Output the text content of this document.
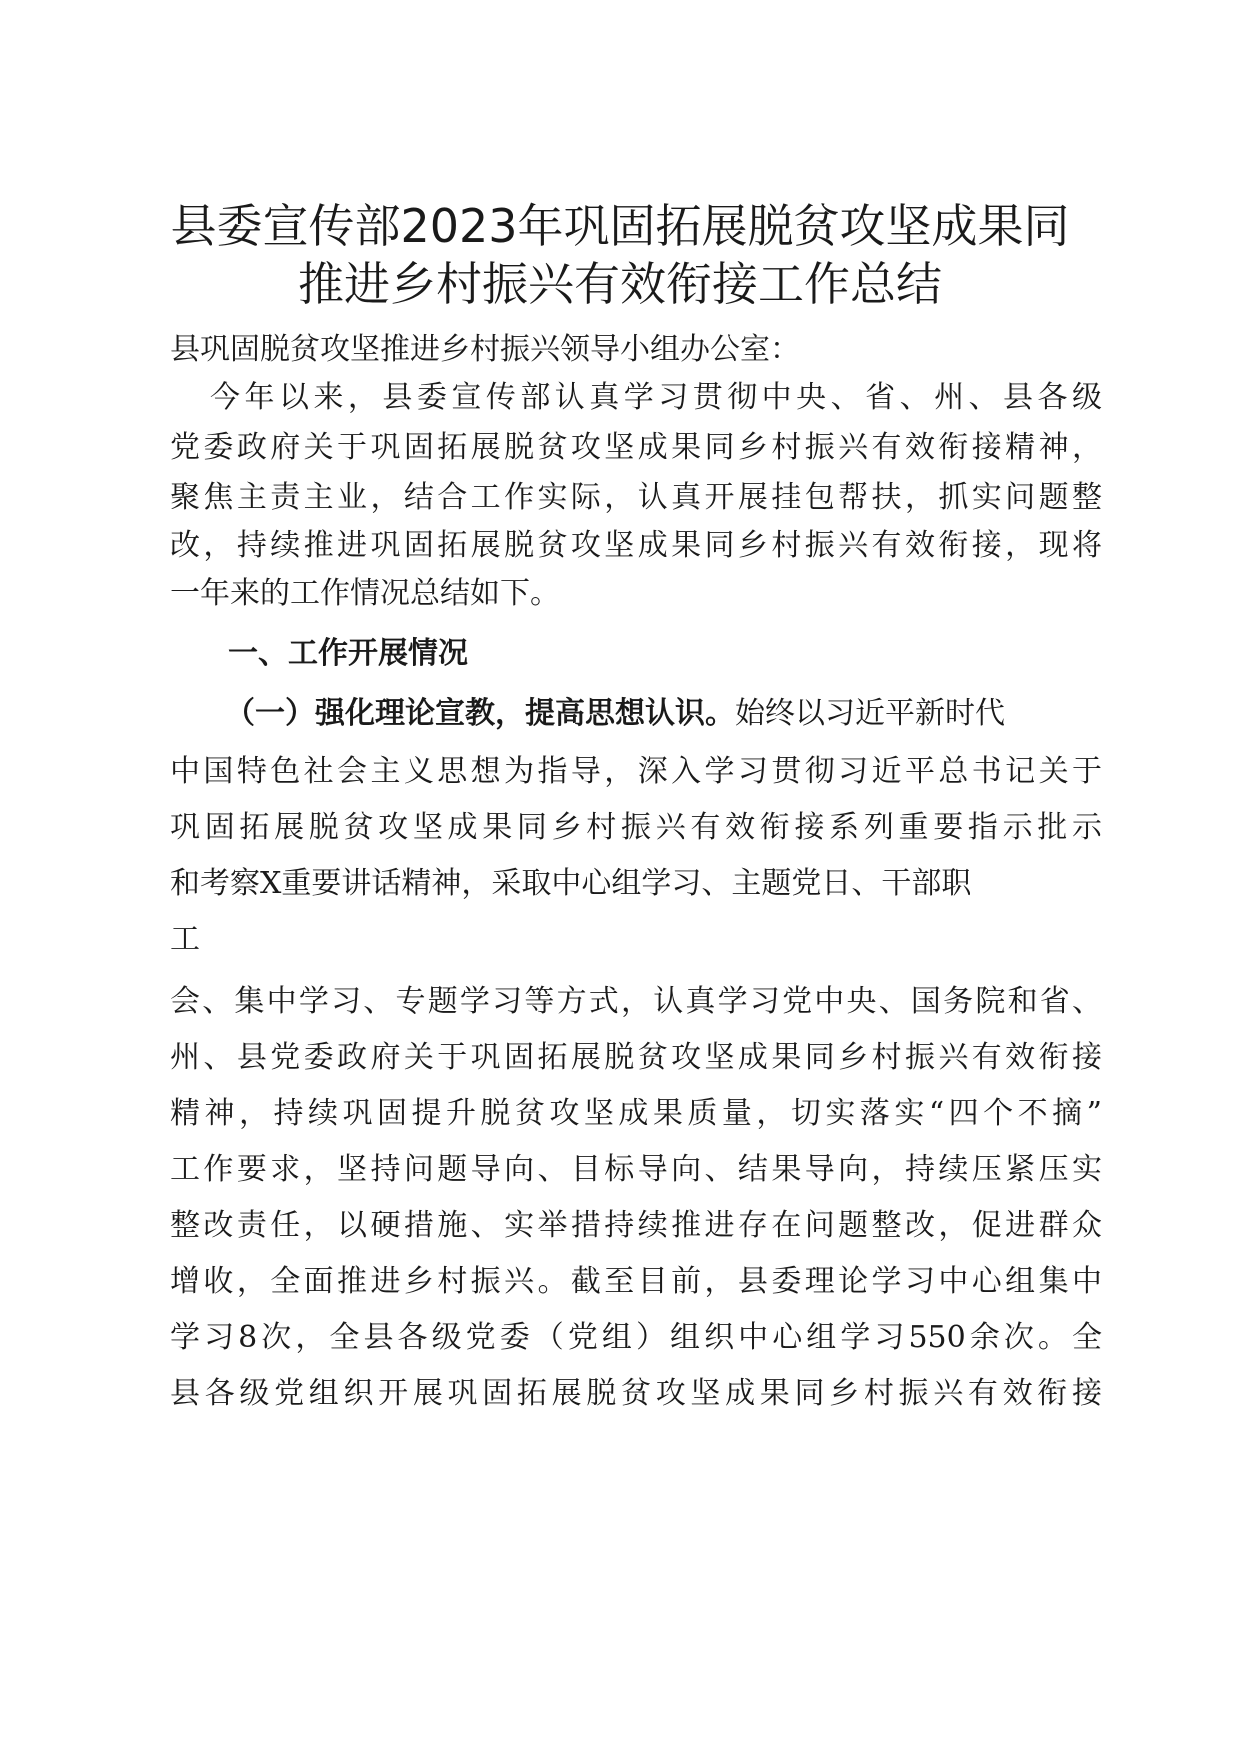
县委宣传部2023年巩固拓展脱贫攻坚成果同
推进乡村振兴有效衔接工作总结
县巩固脱贫攻坚推进乡村振兴领导小组办公室：
今年以来，县委宣传部认真学习贯彻中央、省、州、县各级
党委政府关于巩固拓展脱贫攻坚成果同乡村振兴有效衔接精神，
聚焦主责主业，结合工作实际，认真开展挂包帮扶，抓实问题整
改，持续推进巩固拓展脱贫攻坚成果同乡村振兴有效衔接，现将
一年来的工作情况总结如下。
一、工作开展情况
（一）强化理论宣教，提高思想认识。始终以习近平新时代
中国特色社会主义思想为指导，深入学习贯彻习近平总书记关于
巩固拓展脱贫攻坚成果同乡村振兴有效衔接系列重要指示批示
和考察X重要讲话精神，采取中心组学习、主题党日、干部职
工
会、集中学习、专题学习等方式，认真学习党中央、国务院和省、
州、县党委政府关于巩固拓展脱贫攻坚成果同乡村振兴有效衔接
精神，持续巩固提升脱贫攻坚成果质量，切实落实“四个不摘”
工作要求，坚持问题导向、目标导向、结果导向，持续压紧压实
整改责任，以硬措施、实举措持续推进存在问题整改，促进群众
增收，全面推进乡村振兴。截至目前，县委理论学习中心组集中
学习8次，全县各级党委（党组）组织中心组学习550余次。全
县各级党组织开展巩固拓展脱贫攻坚成果同乡村振兴有效衔接
